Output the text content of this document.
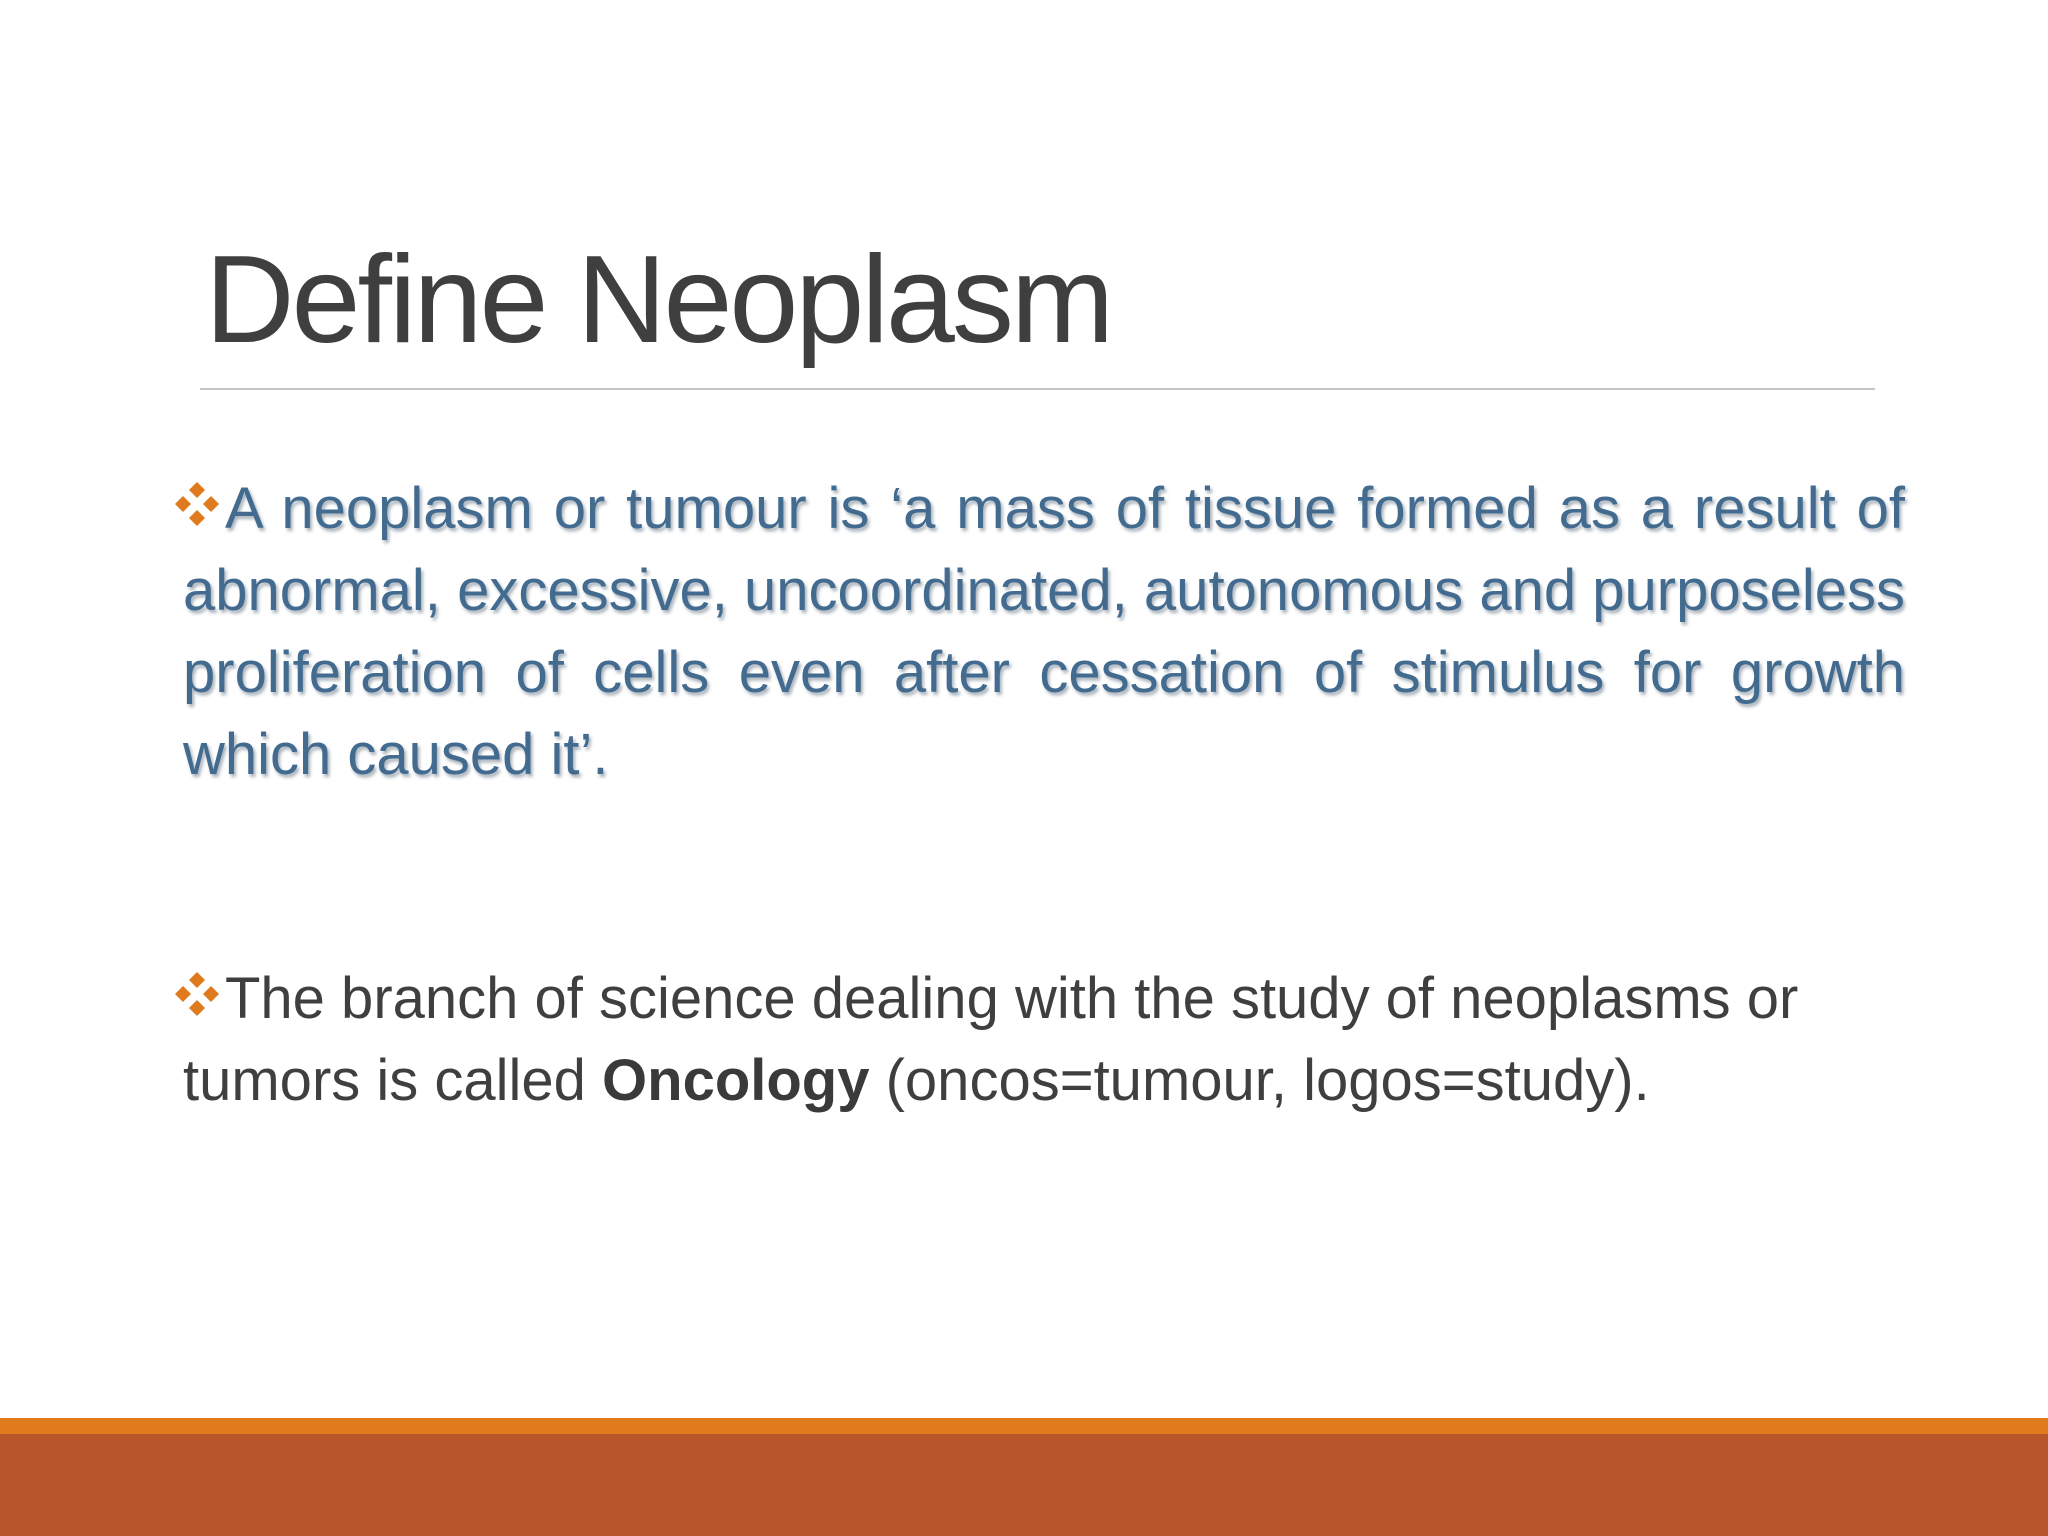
Define Neoplasm

A neoplasm or tumour is ‘a mass of tissue formed as a result of abnormal, excessive, uncoordinated, autonomous and purposeless proliferation of cells even after cessation of stimulus for growth which caused it’.

The branch of science dealing with the study of neoplasms or tumors is called Oncology (oncos=tumour, logos=study).
